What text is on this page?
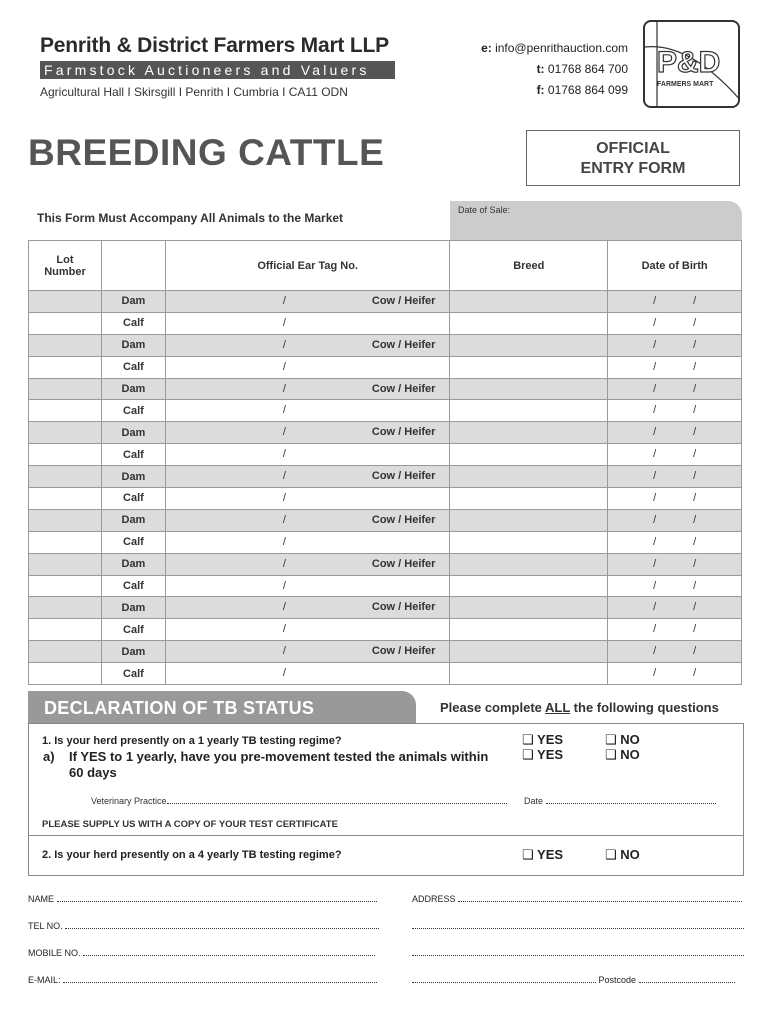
Penrith & District Farmers Mart LLP
Farmstock Auctioneers and Valuers
Agricultural Hall I Skirsgill I Penrith I Cumbria I CA11 ODN
e: info@penrithauction.com
t: 01768 864 700
f: 01768 864 099
P&D
FARMERS MART
BREEDING CATTLE	OFFICIAL
ENTRY FORM
This Form Must Accompany All Animals to the Market
Date of Sale:
Lot Number		Official Ear Tag No.	Breed	Date of Birth
	Dam	/ Cow / Heifer		/ /

	Calf	/		/ /

	Dam	/ Cow / Heifer		/ /

	Calf	/		/ /

	Dam	/ Cow / Heifer		/ /

	Calf	/		/ /

	Dam	/ Cow / Heifer		/ /

	Calf	/		/ /

	Dam	/ Cow / Heifer		/ /

	Calf	/		/ /

	Dam	/ Cow / Heifer		/ /

	Calf	/		/ /

	Dam	/ Cow / Heifer		/ /

	Calf	/		/ /

	Dam	/ Cow / Heifer		/ /

	Calf	/		/ /

	Dam	/ Cow / Heifer		/ /

	Calf	/		/ /
DECLARATION OF TB STATUS	Please complete ALL the following questions
1. Is your herd presently on a 1 yearly TB testing regime?
a) If YES to 1 yearly, have you pre-movement tested the animals within 60 days
❑ YES	❑ NO
❑ YES	❑ NO
Veterinary Practice	Date
PLEASE SUPPLY US WITH A COPY OF YOUR TEST CERTIFICATE
2. Is your herd presently on a 4 yearly TB testing regime?	❑ YES	❑ NO
NAME
TEL NO.
MOBILE NO.
E-MAIL:
ADDRESS
Postcode
